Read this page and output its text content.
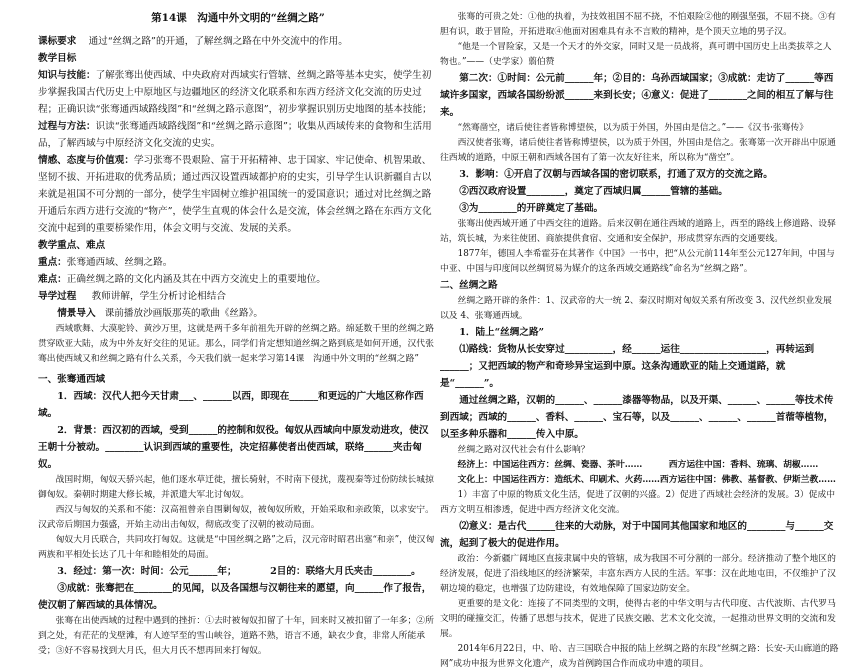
第14课　沟通中外文明的“丝绸之路”

课标要求 通过“丝绸之路”的开通，了解丝绸之路在中外交流中的作用。

教学目标

知识与技能：了解张骞出使西域、中央政府对西域实行管辖、丝绸之路等基本史实，使学生初步掌握我国古代历史上中原地区与边疆地区的经济文化联系和东西方经济文化交流的历史过程；正确识读“张骞通西域路线图”和“丝绸之路示意图”，初步掌握识别历史地图的基本技能；

过程与方法：识读“张骞通西域路线图”和“丝绸之路示意图”；收集从西域传来的食物和生活用品，了解西域与中原经济文化交流的史实。

情感、态度与价值观：学习张骞不畏艰险、富于开拓精神、忠于国家、牢记使命、机智果敢、坚韧不拔、开拓进取的优秀品质；通过西汉设置西域都护府的史实，引导学生认识新疆自古以来就是祖国不可分割的一部分，使学生牢固树立维护祖国统一的爱国意识；通过对比丝绸之路开通后东西方进行交流的“物产”，使学生直观的体会什么是交流，体会丝绸之路在东西方文化交流中起到的重要桥梁作用，体会文明与交流、发展的关系。

教学重点、难点

重点：张骞通西域、丝绸之路。

难点：正确丝绸之路的文化内涵及其在中西方交流史上的重要地位。

导学过程 教师讲解，学生分析讨论相结合

情景导入 课前播放沙画版那英的歌曲《丝路》。

西域歌舞、大漠驼铃、黄沙万里，这就是两千多年前祖先开辟的丝绸之路。绵延数千里的丝绸之路贯穿欧亚大陆，成为中外友好交往的见证。那么，同学们肯定想知道丝绸之路到底是如何开通，汉代张骞出使西域又和丝绸之路有什么关系，今天我们就一起来学习第14课　沟通中外文明的“丝绸之路”

一、张骞通西域

1．西域：汉代人把今天甘肃___、______以西，即现在______和更远的广大地区称作西域。

2．背景：西汉初的西域，受到______的控制和奴役。匈奴从西域向中原发动进攻，使汉王朝十分被动。________认识到西域的重要性，决定招募使者出使西域，联络______夹击匈奴。

战国时期，匈奴天骄兴起，他们逐水草迁徙，擅长骑射，不时南下侵扰，蔑视秦等过份防续长城掠御匈奴。秦朝时期建大修长城，并派遣大军北讨匈奴。

西汉与匈奴的关系和不能：汉高祖曾亲自围剿匈奴，被匈奴所败，开始采取和亲政策，以求安宁。汉武帝后期国力强盛，开始主动出击匈奴，彻底改变了汉朝的被动局面。

匈奴大月氏联合，共同攻打匈奴。这就是“中国丝绸之路”之后，汉元帝时昭君出塞“和亲”，使汉匈两族和平相处长达了几十年和睦相处的局面。

3．经过：第一次：时间：公元______年；　　　　2目的：联络大月氏夹击________。

③成就：张骞把在________的见闻，以及各国想与汉朝往来的愿望，向______作了报告，使汉朝了解西域的具体情况。

张骞在出使西域的过程中遇到的挫折：①去时被匈奴扣留了十年，回来时又被扣留了一年多；②所到之处，有茫茫的戈壁滩，有人迹罕至的雪山峡谷，道路不熟，语言不通，缺衣少食，非常人所能承受；③好不容易找到大月氏，但大月氏不想再回来打匈奴。

张骞的可贵之处：①他的执着，为技效祖国不屈不挠，不怕艰险②他的刚强坚强，不屈不挠。③有胆有识，敢于冒险，开拓进取④他面对困难具有永不言败的精神，是个顶天立地的男子汉。

“他是一个冒险家，又是一个天才的外交家，同时又是一员战将，真可谓中国历史上出类拔萃之人物也。”——（史学家）翦伯赞

第二次：①时间：公元前______年；②目的：乌孙西域国家；③成就：走访了______等西域许多国家，西域各国纷纷派______来到长安；④意义：促进了________之间的相互了解与往来。

“然骞凿空，诸后使往者皆称博望侯，以为质于外国，外国由是信之。”——《汉书·张骞传》

西汉使者张骞，诸后使往者皆称博望侯，以为质于外国，外国由是信之。张骞第一次开辟出中原通往西域的道路，中原王朝和西域各国有了第一次友好往来，所以称为“凿空”。

3．影响：①开启了汉朝与西域各国的密切联系，打通了双方的交流之路。

②西汉政府设置________，奠定了西域归属______管辖的基础。

③为________的开辟奠定了基础。

张骞出使西域开通了中西交往的道路。后来汉朝在通往西域的道路上，西至的路线上修道路、设驿站，筑长城，为来往使团、商旅提供食宿、交通和安全保护，形成贯穿东西的交通要线。

1877年，德国人李希霍芬在其著作《中国》一书中，把“从公元前114年至公元127年间，中国与中亚、中国与印度间以丝绸贸易为媒介的这条西域交通路线”命名为“丝绸之路”。

二、丝绸之路

丝绸之路开辟的条件：1、汉武帝的大一统 2、秦汉时期对匈奴关系有所改变 3、汉代丝织业发展以及 4、张骞通西域。

1．陆上“丝绸之路”

⑴路线：货物从长安穿过__________，经______运往__________________，再转运到______；又把西域的物产和奇珍异宝运到中原。这条沟通欧亚的陆上交通道路，就是“______”。

通过丝绸之路，汉朝的______、______漆器等物品，以及开渠、______、______等技术传到西域；西域的______、香料、______、宝石等，以及______、______、______首蓿等植物，以至多种乐器和______传入中原。

丝绸之路对汉代社会有什么影响？

经济上：中国运往西方：丝绸、瓷器、茶叶……　　　西方运往中国：香料、琉璃、胡椒……

文化上：中国运往西方：造纸术、印刷术、火药……西方运往中国：佛教、基督教、伊斯兰教……

1）丰富了中原的物质文化生活，促进了汉朝的兴盛。2）促进了西域社会经济的发展。3）促成中西方文明互相渗透，促进中西方经济文化交流。

⑵意义：是古代______往来的大动脉，对于中国同其他国家和地区的________与______交流，起到了极大的促进作用。

政治：今新疆广阔地区直接隶属中央的管辖，成为我国不可分割的一部分。经济推动了整个地区的经济发展，促进了沿线地区的经济繁荣，丰富东西方人民的生活。军事：汉在此地屯田，不仅维护了汉朝边境的稳定，也增强了边防建设，有效地保障了国家边防安全。

更重要的是文化：连接了不同类型的文明，使得古老的中华文明与古代印度、古代波斯、古代罗马文明的碰撞交汇，传播了思想与技术，促进了民族交融、艺术文化交流，一起推动世界文明的交流和发展。

2014年6月22日，中、哈、吉三国联合申报的陆上丝绸之路的东段“丝绸之路：长安-天山廊道的路网”成功申报为世界文化遗产，成为首例跨国合作而成功申遗的项目。
